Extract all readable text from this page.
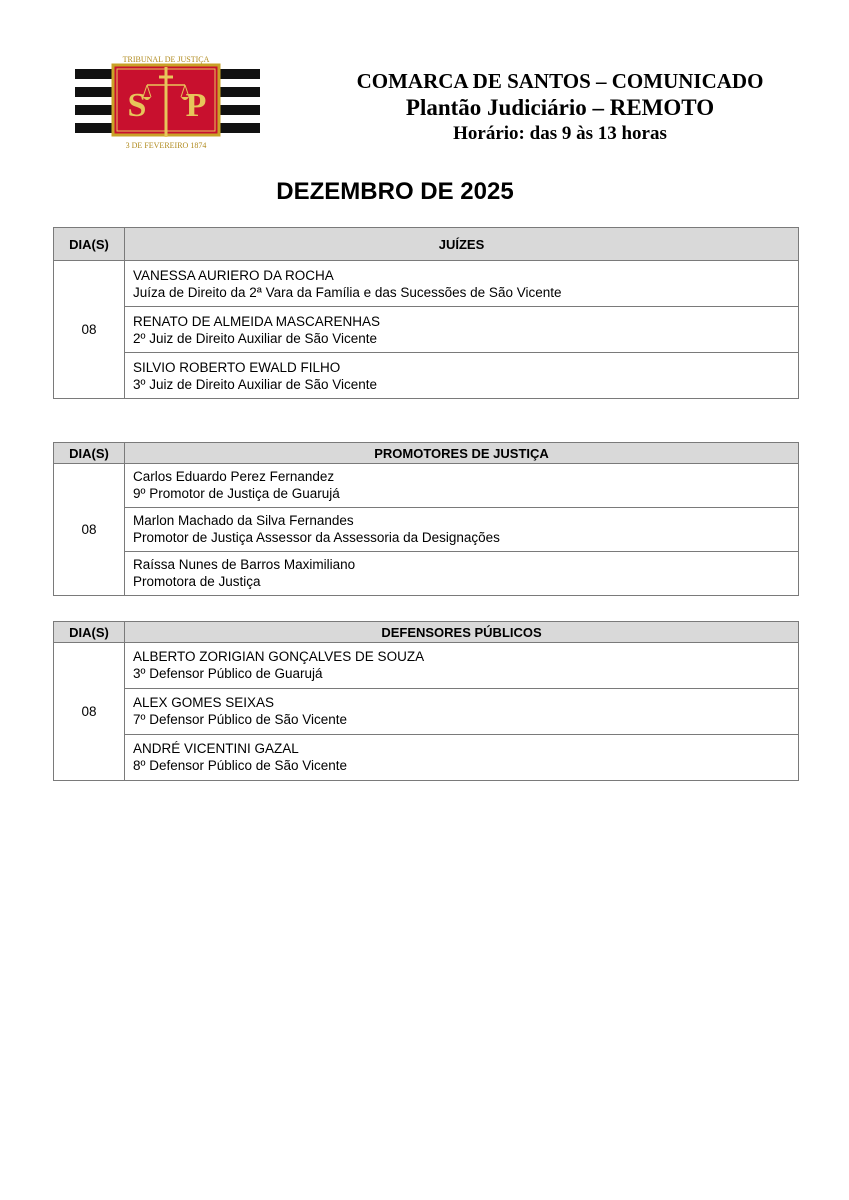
S P
TRIBUNAL DE JUSTIÇA
3 DE FEVEREIRO 1874
COMARCA DE SANTOS – COMUNICADO
Plantão Judiciário – REMOTO
Horário: das 9 às 13 horas
DEZEMBRO DE 2025
DIA(S)	JUÍZES
08	VANESSA AURIERO DA ROCHA
Juíza de Direito da 2ª Vara da Família e das Sucessões de São Vicente

	RENATO DE ALMEIDA MASCARENHAS
2º Juiz de Direito Auxiliar de São Vicente

	SILVIO ROBERTO EWALD FILHO
3º Juiz de Direito Auxiliar de São Vicente
DIA(S)	PROMOTORES DE JUSTIÇA
08	Carlos Eduardo Perez Fernandez
9º Promotor de Justiça de Guarujá

	Marlon Machado da Silva Fernandes
Promotor de Justiça Assessor da Assessoria da Designações

	Raíssa Nunes de Barros Maximiliano
Promotora de Justiça
DIA(S)	DEFENSORES PÚBLICOS
08	ALBERTO ZORIGIAN GONÇALVES DE SOUZA
3º Defensor Público de Guarujá

	ALEX GOMES SEIXAS
7º Defensor Público de São Vicente

	ANDRÉ VICENTINI GAZAL
8º Defensor Público de São Vicente
